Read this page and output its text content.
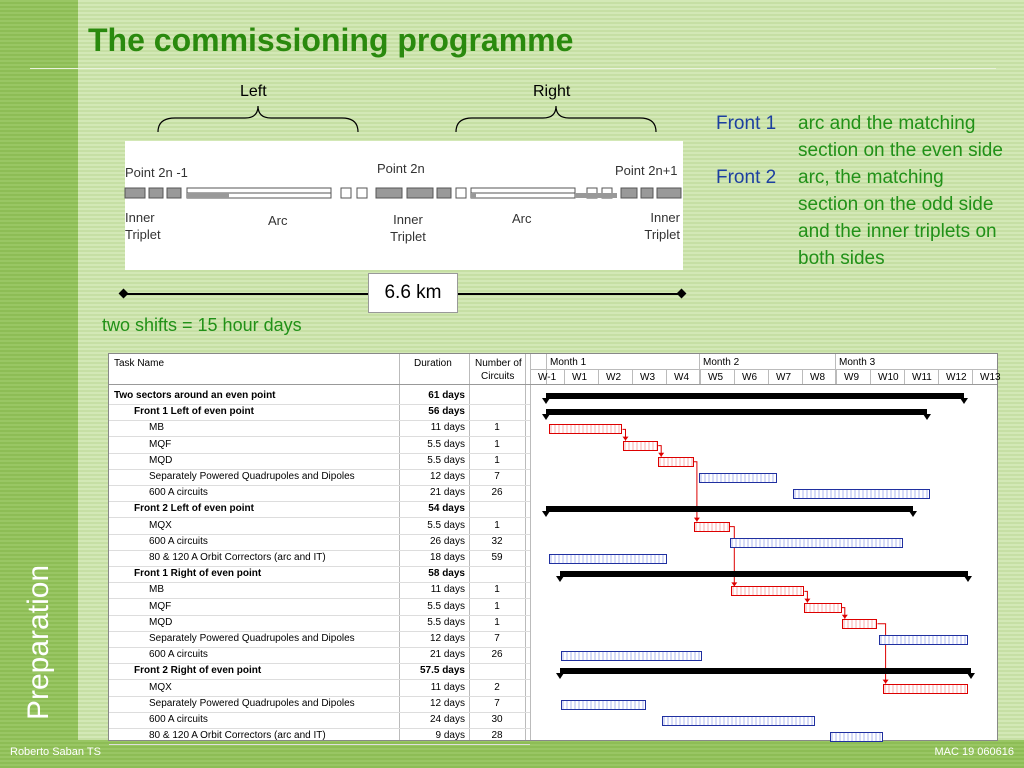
Preparation
Roberto Saban TS	MAC 19 060616
The commissioning programme
Left	Right
Point 2n -1	Point 2n	Point 2n+1
Inner Triplet
Arc	Inner Triplet
Arc	Inner Triplet
6.6 km
two shifts = 15 hour days
Front 1	arc and the matching section on the even side
Front 2	arc, the matching section on the odd side and the inner triplets on both sides
Task Name	Duration Number of
Circuits
Month 1	Month 2	Month 3
W-1 W1 W2 W3 W4 W5 W6 W7 W8 W9 W10 W11 W12 W13
Two sectors around an even point	61 days
Front 1 Left of even point	56 days
MB	11 days	1
MQF	5.5 days	1
MQD	5.5 days	1
Separately Powered Quadrupoles and Dipoles	12 days	7
600 A circuits	21 days	26
Front 2 Left of even point	54 days
MQX	5.5 days	1
600 A circuits	26 days	32
80 & 120 A Orbit Correctors (arc and IT)	18 days	59
Front 1 Right of even point	58 days
MB	11 days	1
MQF	5.5 days	1
MQD	5.5 days	1
Separately Powered Quadrupoles and Dipoles	12 days	7
600 A circuits	21 days	26
Front 2 Right of even point	57.5 days
MQX	11 days	2
Separately Powered Quadrupoles and Dipoles	12 days	7
600 A circuits	24 days	30
80 & 120 A Orbit Correctors (arc and IT)	9 days	28
